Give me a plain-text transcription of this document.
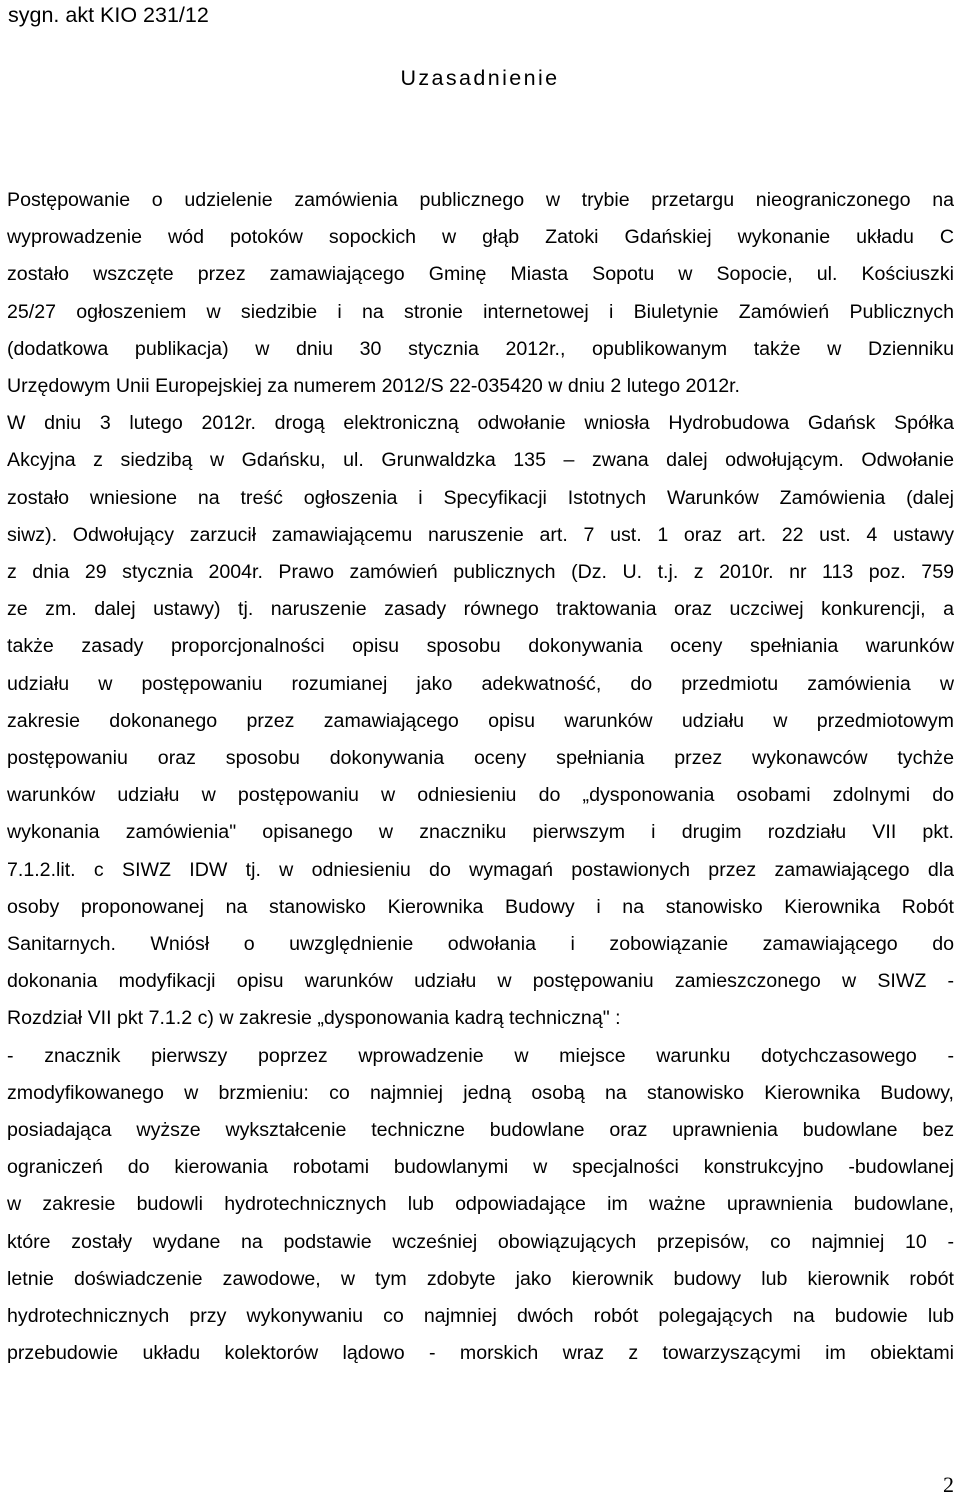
sygn. akt KIO 231/12

Uzasadnienie
Postępowanie o udzielenie zamówienia publicznego w trybie przetargu nieograniczonego na
wyprowadzenie wód potoków sopockich w głąb Zatoki Gdańskiej wykonanie układu C
zostało wszczęte przez zamawiającego Gminę Miasta Sopotu w Sopocie, ul. Kościuszki
25/27 ogłoszeniem w siedzibie i na stronie internetowej i Biuletynie Zamówień Publicznych
(dodatkowa publikacja) w dniu 30 stycznia 2012r., opublikowanym także w Dzienniku
Urzędowym Unii Europejskiej za numerem 2012/S 22-035420 w dniu 2 lutego 2012r.
W dniu 3 lutego 2012r. drogą elektroniczną odwołanie wniosła Hydrobudowa Gdańsk Spółka
Akcyjna z siedzibą w Gdańsku, ul. Grunwaldzka 135 – zwana dalej odwołującym. Odwołanie
zostało wniesione na treść ogłoszenia i Specyfikacji Istotnych Warunków Zamówienia (dalej
siwz). Odwołujący zarzucił zamawiającemu naruszenie art. 7 ust. 1 oraz art. 22 ust. 4 ustawy
z dnia 29 stycznia 2004r. Prawo zamówień publicznych (Dz. U. t.j. z 2010r. nr 113 poz. 759
ze zm. dalej ustawy) tj. naruszenie zasady równego traktowania oraz uczciwej konkurencji, a
także zasady proporcjonalności opisu sposobu dokonywania oceny spełniania warunków
udziału w postępowaniu rozumianej jako adekwatność, do przedmiotu zamówienia w
zakresie dokonanego przez zamawiającego opisu warunków udziału w przedmiotowym
postępowaniu oraz sposobu dokonywania oceny spełniania przez wykonawców tychże
warunków udziału w postępowaniu w odniesieniu do „dysponowania osobami zdolnymi do
wykonania zamówienia" opisanego w znaczniku pierwszym i drugim rozdziału VII pkt.
7.1.2.lit. c SIWZ IDW tj. w odniesieniu do wymagań postawionych przez zamawiającego dla
osoby proponowanej na stanowisko Kierownika Budowy i na stanowisko Kierownika Robót
Sanitarnych. Wniósł o uwzględnienie odwołania i zobowiązanie zamawiającego do
dokonania modyfikacji opisu warunków udziału w postępowaniu zamieszczonego w SIWZ -
Rozdział VII pkt 7.1.2 c) w zakresie „dysponowania kadrą techniczną" :
- znacznik pierwszy poprzez wprowadzenie w miejsce warunku dotychczasowego -
zmodyfikowanego w brzmieniu: co najmniej jedną osobą na stanowisko Kierownika Budowy,
posiadająca wyższe wykształcenie techniczne budowlane oraz uprawnienia budowlane bez
ograniczeń do kierowania robotami budowlanymi w specjalności konstrukcyjno -budowlanej
w zakresie budowli hydrotechnicznych lub odpowiadające im ważne uprawnienia budowlane,
które zostały wydane na podstawie wcześniej obowiązujących przepisów, co najmniej 10 -
letnie doświadczenie zawodowe, w tym zdobyte jako kierownik budowy lub kierownik robót
hydrotechnicznych przy wykonywaniu co najmniej dwóch robót polegających na budowie lub
przebudowie układu kolektorów lądowo - morskich wraz z towarzyszącymi im obiektami

2
